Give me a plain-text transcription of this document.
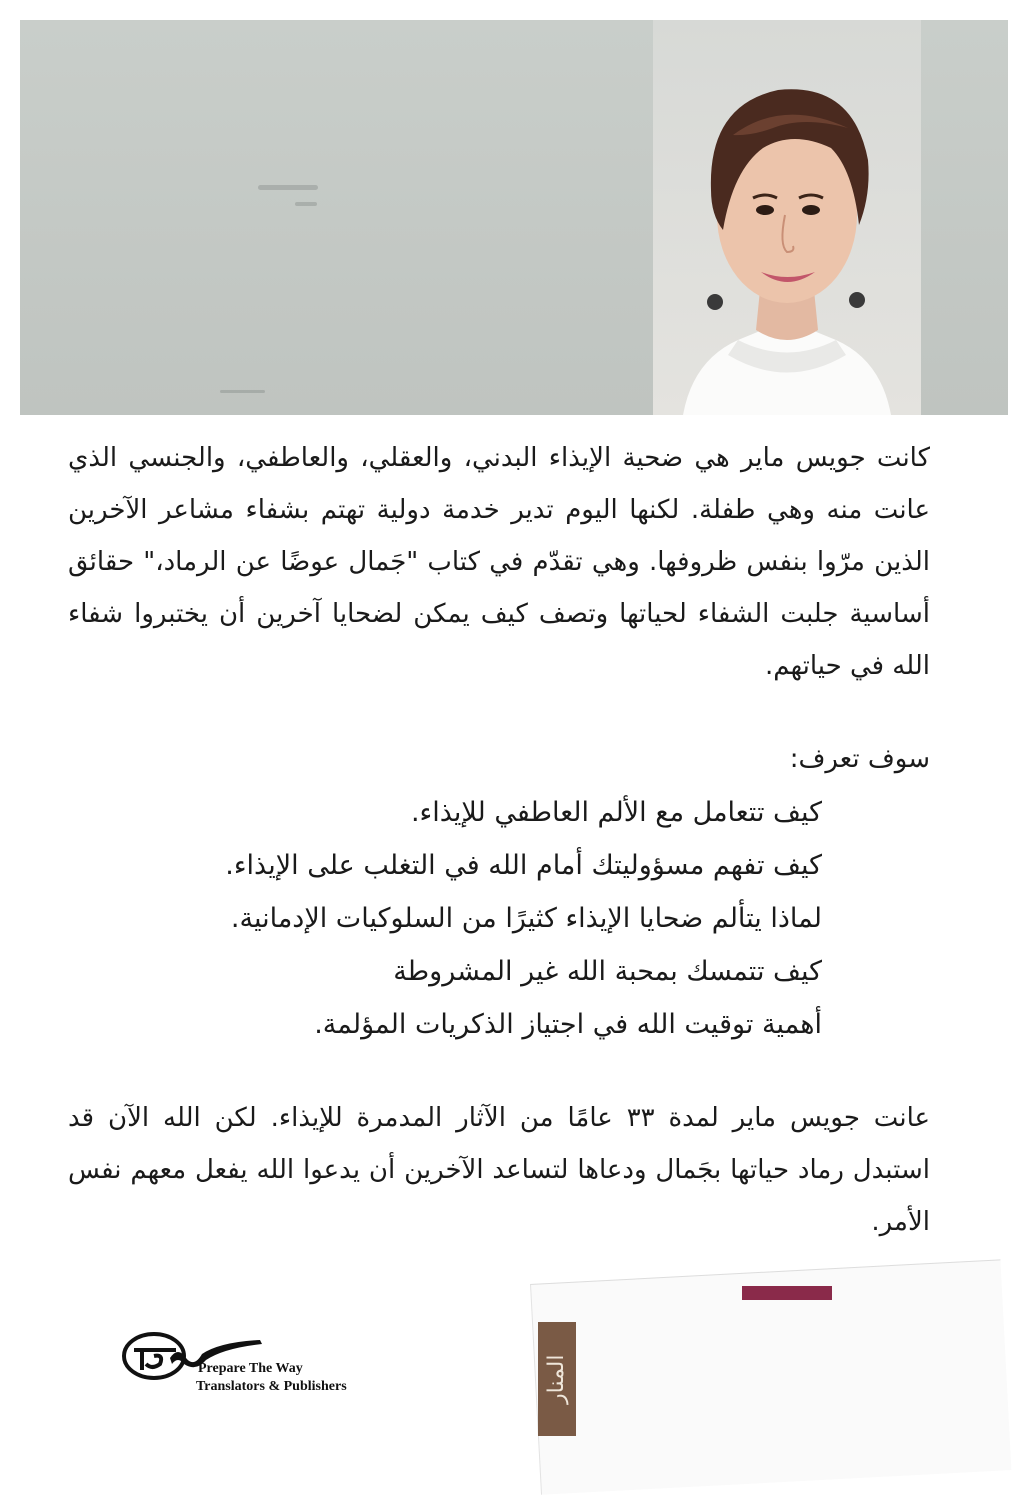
كانت جويس ماير هي ضحية الإيذاء البدني، والعقلي، والعاطفي، والجنسي الذي عانت منه وهي طفلة. لكنها اليوم تدير خدمة دولية تهتم بشفاء مشاعر الآخرين الذين مرّوا بنفس ظروفها. وهي تقدّم في كتاب "جَمال عوضًا عن الرماد،" حقائق أساسية جلبت الشفاء لحياتها وتصف كيف يمكن لضحايا آخرين أن يختبروا شفاء الله في حياتهم.

سوف تعرف:
كيف تتعامل مع الألم العاطفي للإيذاء.
كيف تفهم مسؤوليتك أمام الله في التغلب على الإيذاء.
لماذا يتألم ضحايا الإيذاء كثيرًا من السلوكيات الإدمانية.
كيف تتمسك بمحبة الله غير المشروطة
أهمية توقيت الله في اجتياز الذكريات المؤلمة.

عانت جويس ماير لمدة ٣٣ عامًا من الآثار المدمرة للإيذاء. لكن الله الآن قد استبدل رماد حياتها بجَمال ودعاها لتساعد الآخرين أن يدعوا الله يفعل معهم نفس الأمر.

Prepare The Way
Translators & Publishers	المنار
